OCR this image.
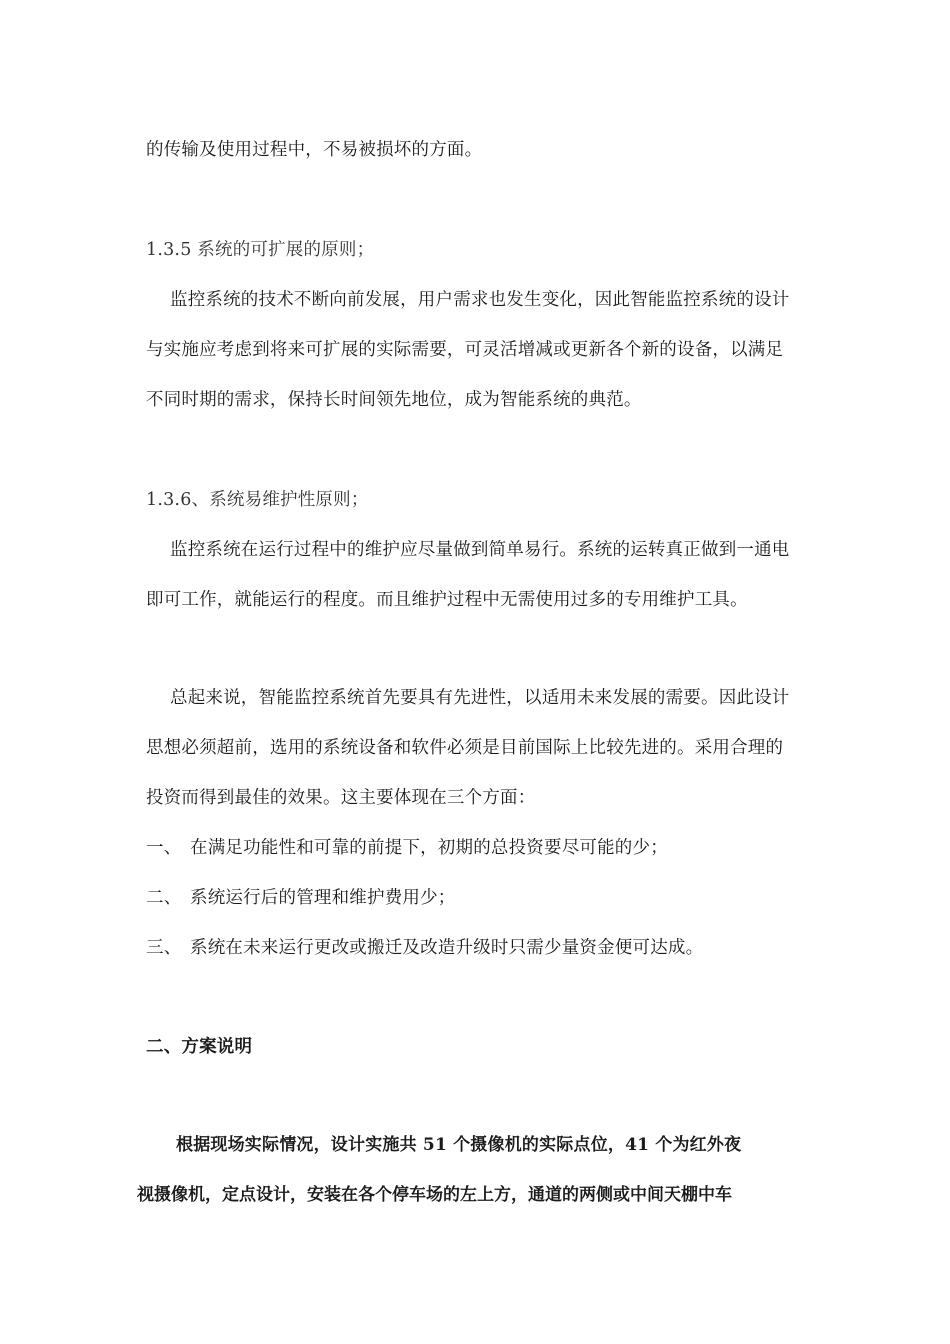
的传输及使用过程中，不易被损坏的方面。
1.3.5 系统的可扩展的原则；
监控系统的技术不断向前发展，用户需求也发生变化，因此智能监控系统的设计
与实施应考虑到将来可扩展的实际需要，可灵活增减或更新各个新的设备，以满足
不同时期的需求，保持长时间领先地位，成为智能系统的典范。
1.3.6、系统易维护性原则；
监控系统在运行过程中的维护应尽量做到简单易行。系统的运转真正做到一通电
即可工作，就能运行的程度。而且维护过程中无需使用过多的专用维护工具。
总起来说，智能监控系统首先要具有先进性，以适用未来发展的需要。因此设计
思想必须超前，选用的系统设备和软件必须是目前国际上比较先进的。采用合理的
投资而得到最佳的效果。这主要体现在三个方面：
一、 在满足功能性和可靠的前提下，初期的总投资要尽可能的少；
二、 系统运行后的管理和维护费用少；
三、 系统在未来运行更改或搬迁及改造升级时只需少量资金便可达成。
二、方案说明
根据现场实际情况，设计实施共 51 个摄像机的实际点位，41 个为红外夜
视摄像机，定点设计，安装在各个停车场的左上方，通道的两侧或中间天棚中车
